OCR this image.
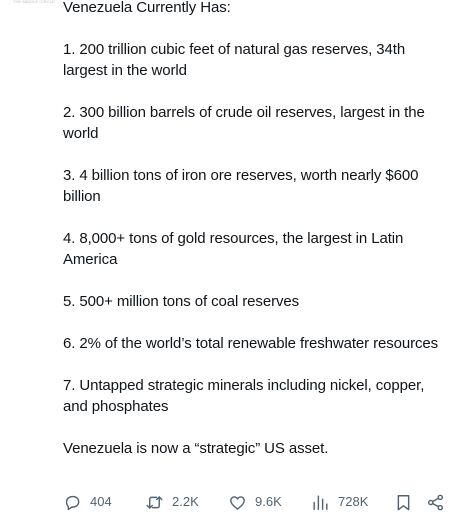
THE MIDDLE CIRCLE Venezuela Currently Has:

1. 200 trillion cubic feet of natural gas reserves, 34th largest in the world

2. 300 billion barrels of crude oil reserves, largest in the world

3. 4 billion tons of iron ore reserves, worth nearly $600 billion

4. 8,000+ tons of gold resources, the largest in Latin America

5. 500+ million tons of coal reserves

6. 2% of the world’s total renewable freshwater resources

7. Untapped strategic minerals including nickel, copper, and phosphates

Venezuela is now a “strategic” US asset.

404	2.2K	9.6K	728K
